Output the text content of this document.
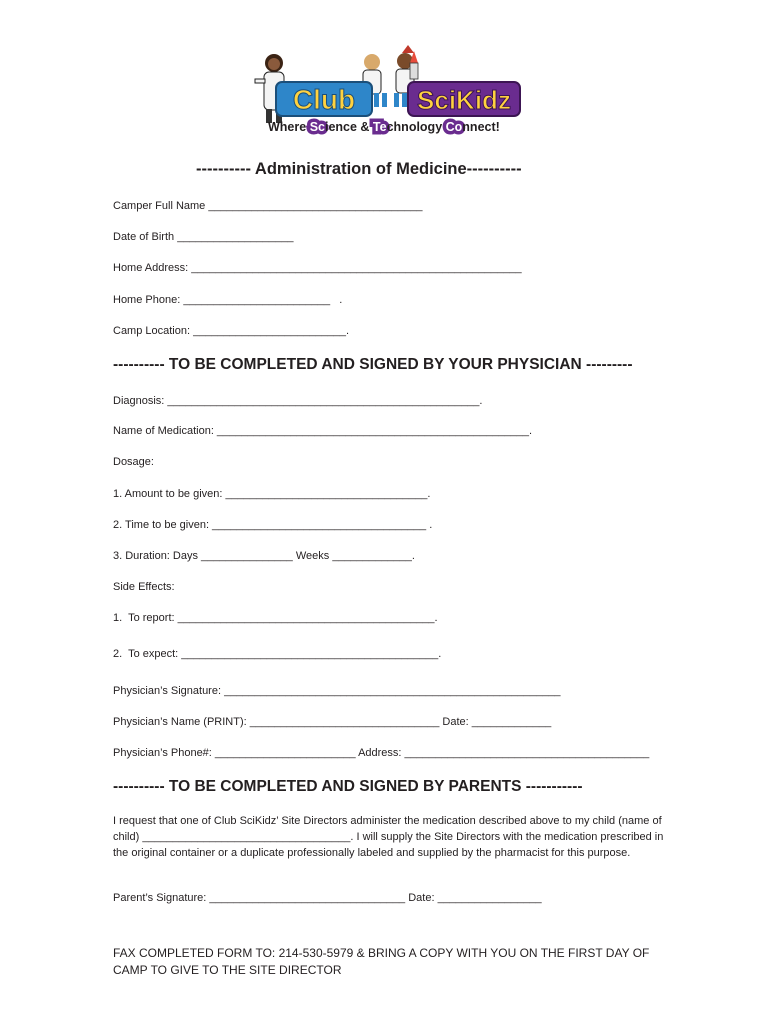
Club SciKidz
Where Science & Technology Connect!
---------- Administration of Medicine----------
Camper Full Name ___________________________________
Date of Birth ___________________
Home Address: ______________________________________________________
Home Phone: ________________________   .
Camp Location: _________________________.
---------- TO BE COMPLETED AND SIGNED BY YOUR PHYSICIAN ---------
Diagnosis: ___________________________________________________.
Name of Medication: ___________________________________________________.
Dosage:
1. Amount to be given: _________________________________.
2. Time to be given: ___________________________________ .
3. Duration: Days _______________ Weeks _____________.
Side Effects:
1.  To report: __________________________________________.
2.  To expect: __________________________________________.
Physician’s Signature: _______________________________________________________
Physician’s Name (PRINT): _______________________________ Date: _____________
Physician’s Phone#: _______________________ Address: ________________________________________
---------- TO BE COMPLETED AND SIGNED BY PARENTS -----------
I request that one of Club SciKidz’ Site Directors administer the medication described above to my child (name of child) __________________________________. I will supply the Site Directors with the medication prescribed in the original container or a duplicate professionally labeled and supplied by the pharmacist for this purpose.
Parent’s Signature: ________________________________ Date: _________________
FAX COMPLETED FORM TO: 214-530-5979 & BRING A COPY WITH YOU ON THE FIRST DAY OF CAMP TO GIVE TO THE SITE DIRECTOR
